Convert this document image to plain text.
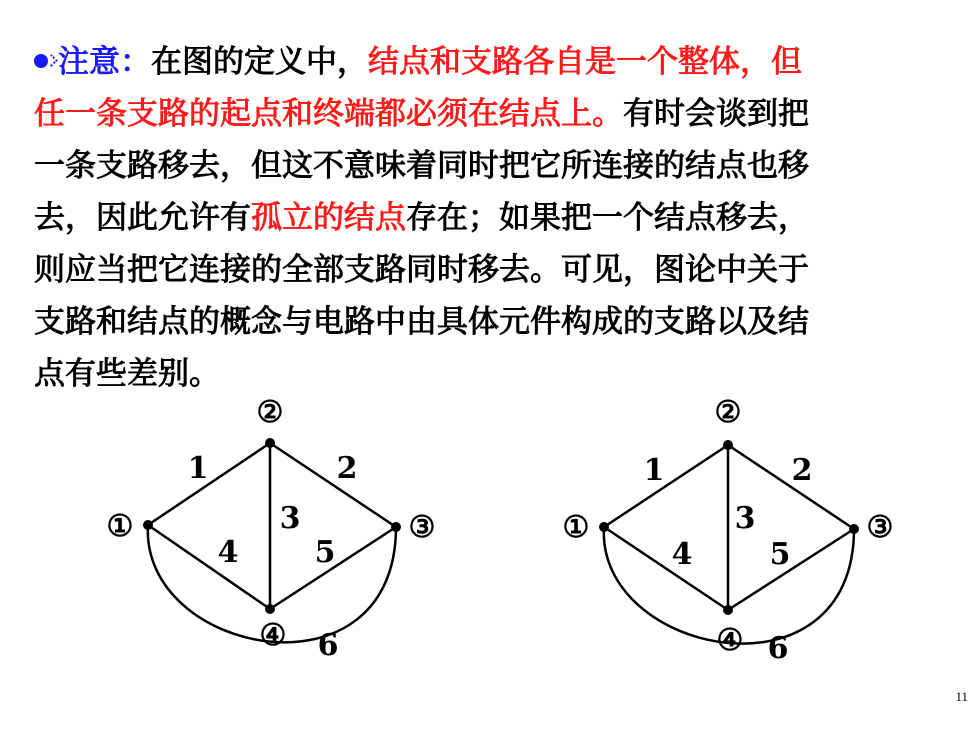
注意：在图的定义中，结点和支路各自是一个整体，但
任一条支路的起点和终端都必须在结点上。有时会谈到把
一条支路移去，但这不意味着同时把它所连接的结点也移
去，因此允许有孤立的结点存在；如果把一个结点移去，
则应当把它连接的全部支路同时移去。可见，图论中关于
支路和结点的概念与电路中由具体元件构成的支路以及结
点有些差别。
①
②
③
④
1	2
3
4	5
6
①
②
③
④
1	2
3
4	5
6
11
